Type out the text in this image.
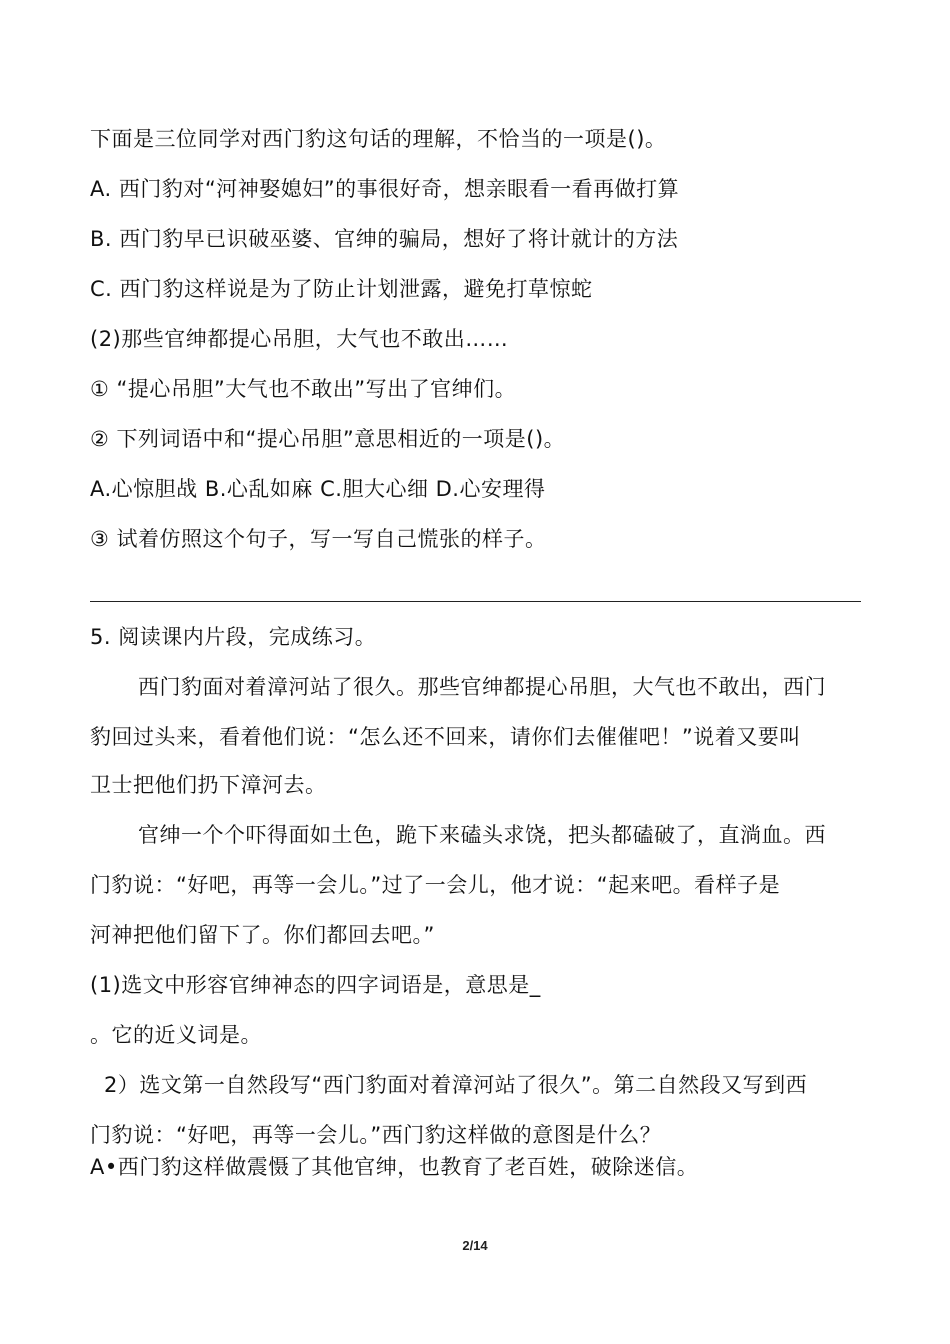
下面是三位同学对西门豹这句话的理解，不恰当的一项是()。

A. 西门豹对“河神娶媳妇”的事很好奇，想亲眼看一看再做打算

B. 西门豹早已识破巫婆、官绅的骗局，想好了将计就计的方法

C. 西门豹这样说是为了防止计划泄露，避免打草惊蛇

(2)那些官绅都提心吊胆，大气也不敢出……

① “提心吊胆”大气也不敢出”写出了官绅们。

② 下列词语中和“提心吊胆”意思相近的一项是()。

A.心惊胆战 B.心乱如麻 C.胆大心细 D.心安理得

③ 试着仿照这个句子，写一写自己慌张的样子。

5. 阅读课内片段，完成练习。

西门豹面对着漳河站了很久。那些官绅都提心吊胆，大气也不敢出，西门

豹回过头来，看着他们说：“怎么还不回来，请你们去催催吧！”说着又要叫

卫士把他们扔下漳河去。

官绅一个个吓得面如土色，跪下来磕头求饶，把头都磕破了，直淌血。西

门豹说：“好吧，再等一会儿。”过了一会儿，他才说：“起来吧。看样子是

河神把他们留下了。你们都回去吧。”

(1)选文中形容官绅神态的四字词语是，意思是_

。它的近义词是。

2）选文第一自然段写“西门豹面对着漳河站了很久”。第二自然段又写到西

门豹说：“好吧，再等一会儿。”西门豹这样做的意图是什么？

A•西门豹这样做震慑了其他官绅，也教育了老百姓，破除迷信。

2/14
